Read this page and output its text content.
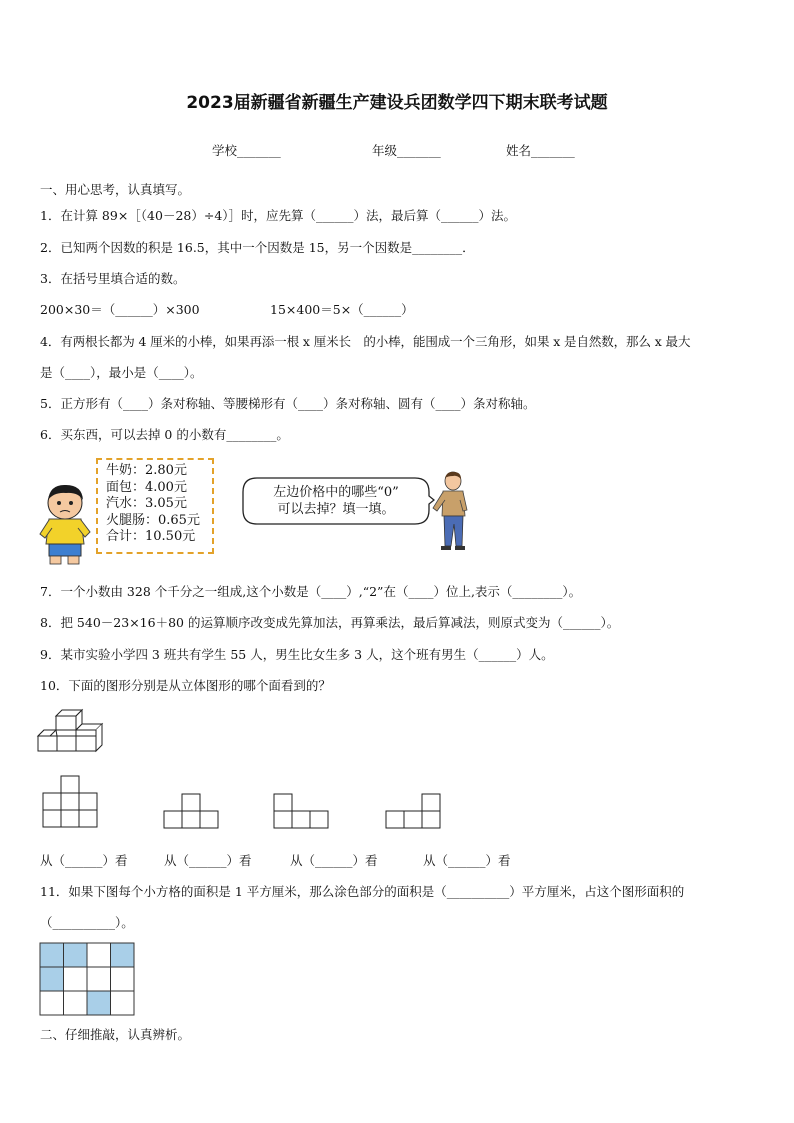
2023届新疆省新疆生产建设兵团数学四下期末联考试题
学校_______	年级_______	姓名_______
一、用心思考，认真填写。
1．在计算 89×［（40－28）÷4）］时，应先算（______）法，最后算（______）法。
2．已知两个因数的积是 16.5，其中一个因数是 15，另一个因数是________．
3．在括号里填合适的数。
200×30＝（______）×300	15×400＝5×（______）
4．有两根长都为 4 厘米的小棒，如果再添一根 x 厘米长　的小棒，能围成一个三角形，如果 x 是自然数，那么 x 最大
是（____），最小是（____）。
5．正方形有（____）条对称轴、等腰梯形有（____）条对称轴、圆有（____）条对称轴。
6．买东西，可以去掉 0 的小数有________。
牛奶：2.80元
面包：4.00元
汽水：3.05元
火腿肠：0.65元
合计：10.50元
左边价格中的哪些“0”
可以去掉？填一填。
7．一个小数由 328 个千分之一组成,这个小数是（____）,“2”在（____）位上,表示（________）。
8．把 540－23×16＋80 的运算顺序改变成先算加法，再算乘法，最后算减法，则原式变为（______）。
9．某市实验小学四 3 班共有学生 55 人，男生比女生多 3 人，这个班有男生（______）人。
10．下面的图形分别是从立体图形的哪个面看到的？
从（______）看	从（______）看	从（______）看	从（______）看
11．如果下图每个小方格的面积是 1 平方厘米，那么涂色部分的面积是（__________）平方厘米，占这个图形面积的
（__________）。
二、仔细推敲，认真辨析。
